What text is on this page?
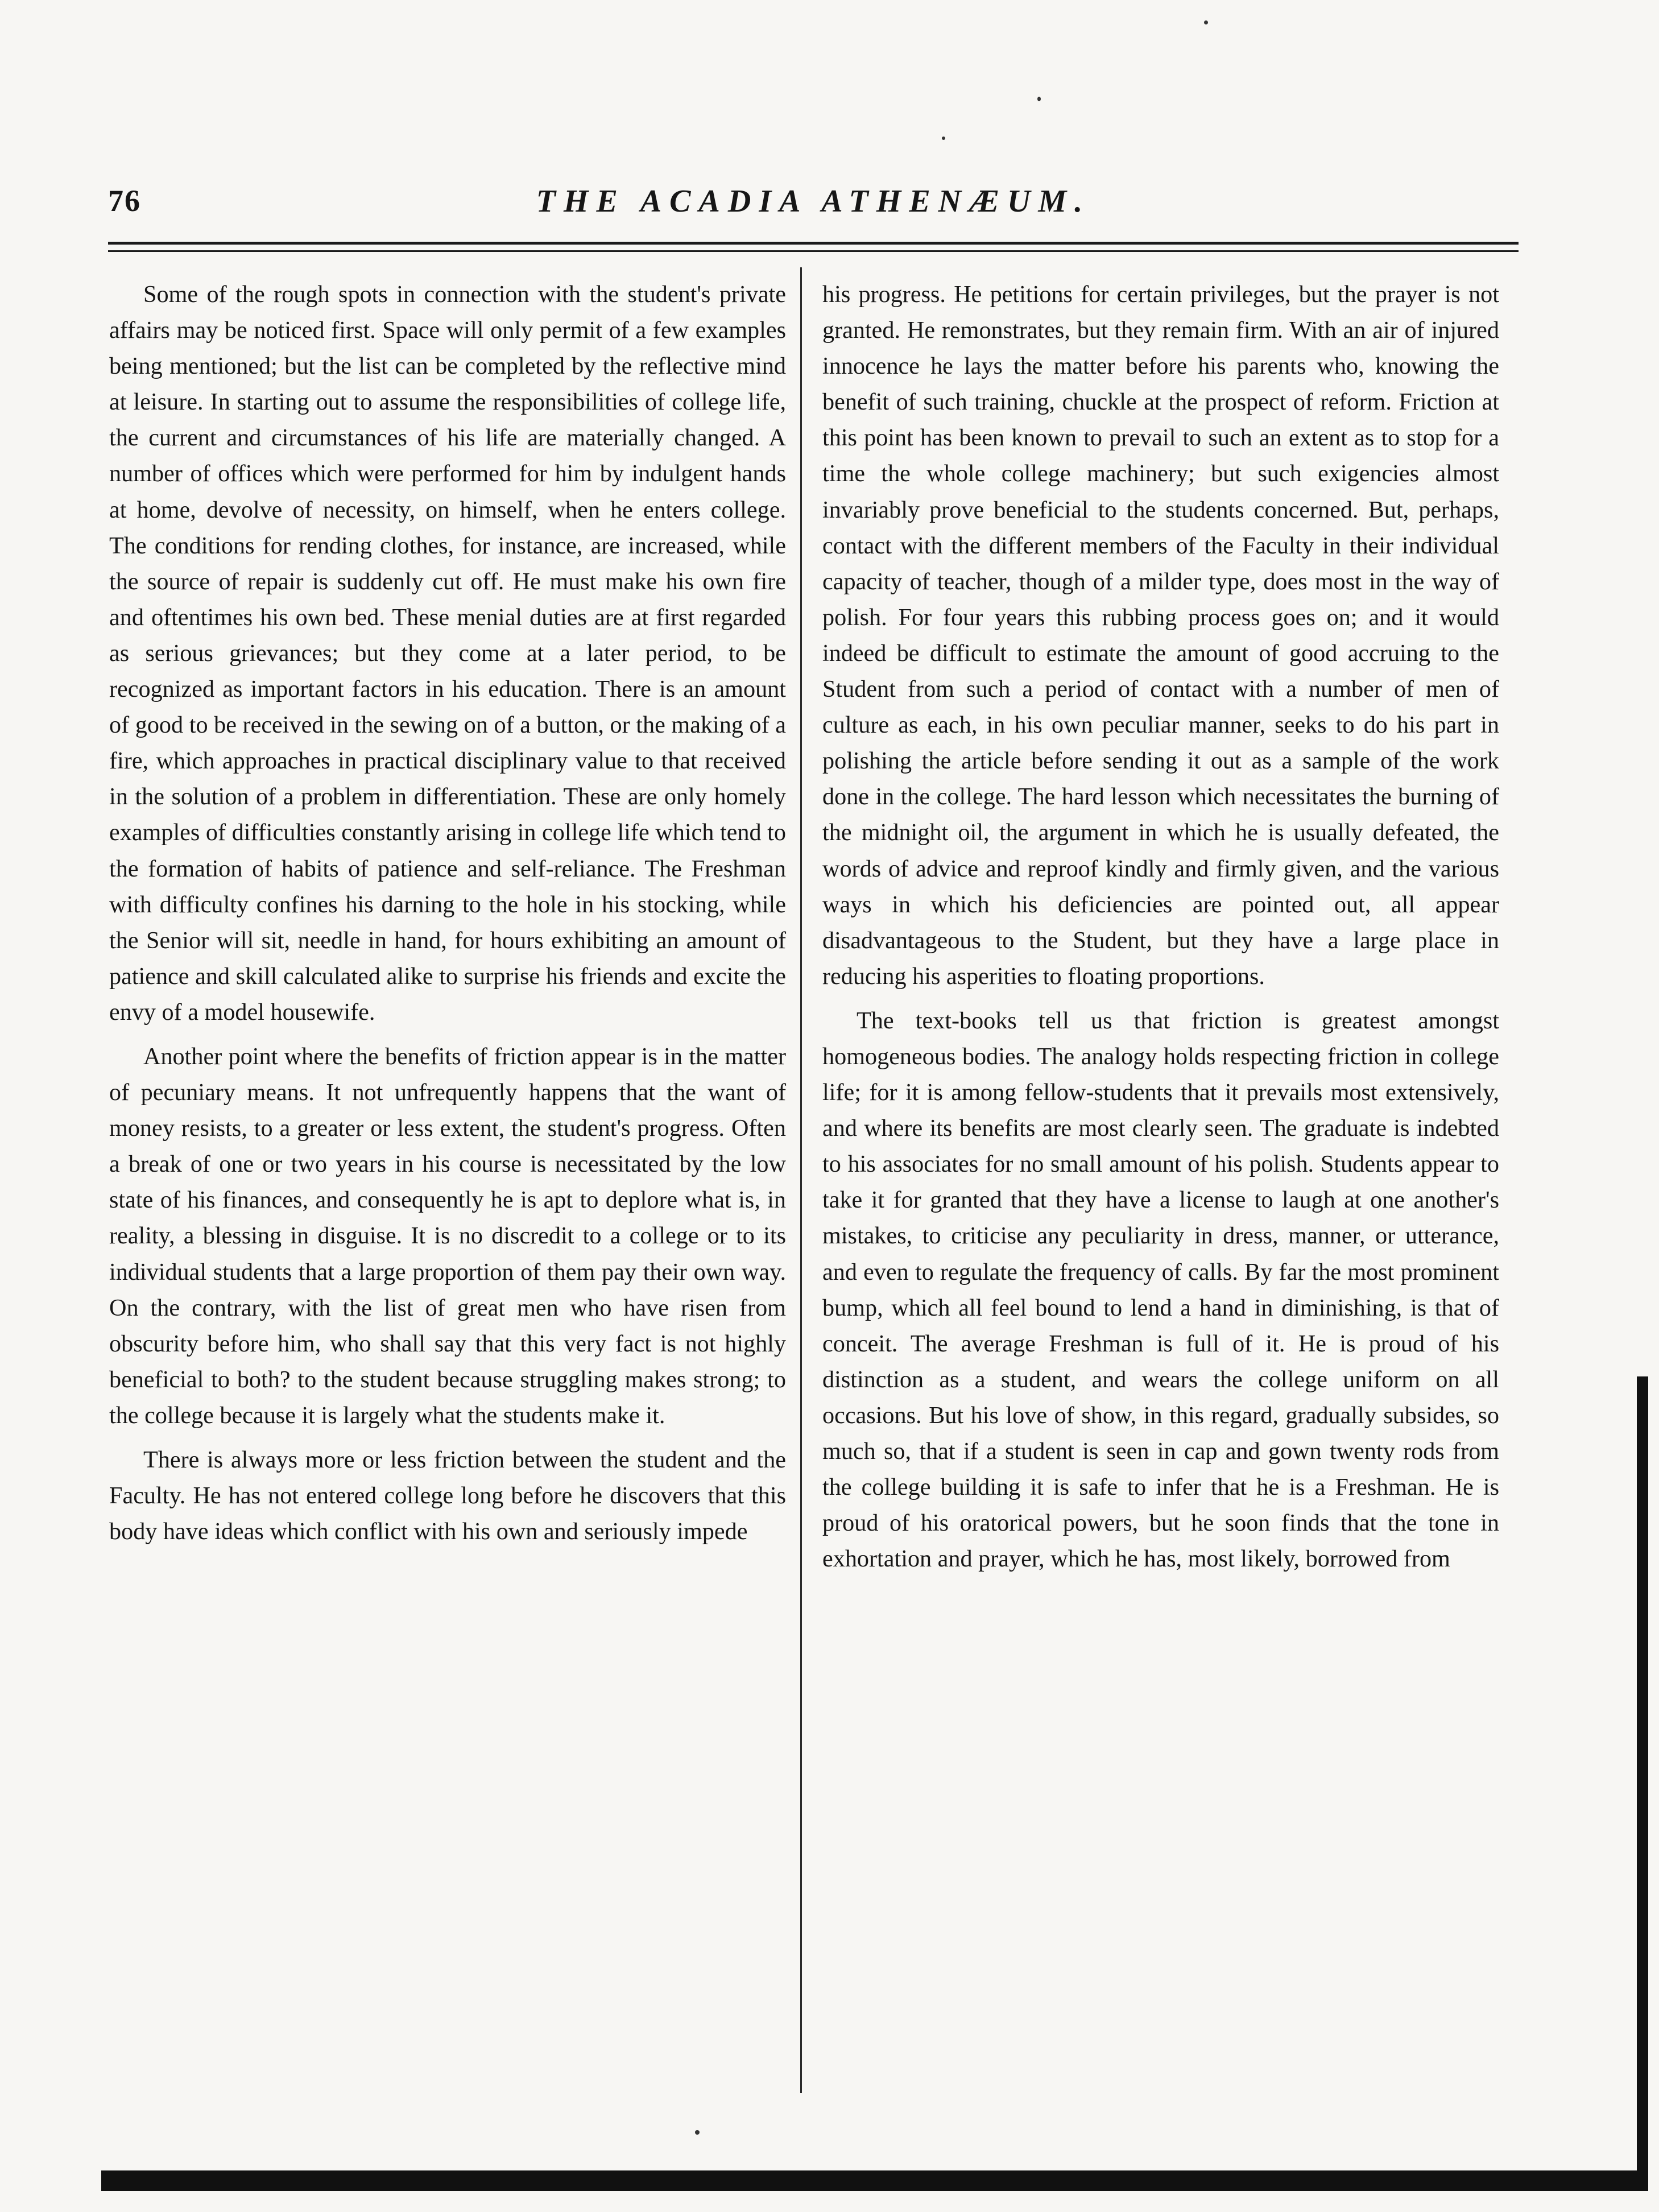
76	THE ACADIA ATHENÆUM.

Some of the rough spots in connection with the student's private affairs may be noticed first. Space will only permit of a few examples being mentioned; but the list can be completed by the reflective mind at leisure. In starting out to assume the responsibilities of college life, the current and circumstances of his life are materially changed. A number of offices which were performed for him by indulgent hands at home, devolve of necessity, on himself, when he enters college. The conditions for rending clothes, for instance, are increased, while the source of repair is suddenly cut off. He must make his own fire and oftentimes his own bed. These menial duties are at first regarded as serious grievances; but they come at a later period, to be recognized as important factors in his education. There is an amount of good to be received in the sewing on of a button, or the making of a fire, which approaches in practical disciplinary value to that received in the solution of a problem in differentiation. These are only homely examples of difficulties constantly arising in college life which tend to the formation of habits of patience and self-reliance. The Freshman with difficulty confines his darning to the hole in his stocking, while the Senior will sit, needle in hand, for hours exhibiting an amount of patience and skill calculated alike to surprise his friends and excite the envy of a model housewife.

Another point where the benefits of friction appear is in the matter of pecuniary means. It not unfrequently happens that the want of money resists, to a greater or less extent, the student's progress. Often a break of one or two years in his course is necessitated by the low state of his finances, and consequently he is apt to deplore what is, in reality, a blessing in disguise. It is no discredit to a college or to its individual students that a large proportion of them pay their own way. On the contrary, with the list of great men who have risen from obscurity before him, who shall say that this very fact is not highly beneficial to both? to the student because struggling makes strong; to the college because it is largely what the students make it.

There is always more or less friction between the student and the Faculty. He has not entered college long before he discovers that this body have ideas which conflict with his own and seriously impede

his progress. He petitions for certain privileges, but the prayer is not granted. He remonstrates, but they remain firm. With an air of injured innocence he lays the matter before his parents who, knowing the benefit of such training, chuckle at the prospect of reform. Friction at this point has been known to prevail to such an extent as to stop for a time the whole college machinery; but such exigencies almost invariably prove beneficial to the students concerned. But, perhaps, contact with the different members of the Faculty in their individual capacity of teacher, though of a milder type, does most in the way of polish. For four years this rubbing process goes on; and it would indeed be difficult to estimate the amount of good accruing to the Student from such a period of contact with a number of men of culture as each, in his own peculiar manner, seeks to do his part in polishing the article before sending it out as a sample of the work done in the college. The hard lesson which necessitates the burning of the midnight oil, the argument in which he is usually defeated, the words of advice and reproof kindly and firmly given, and the various ways in which his deficiencies are pointed out, all appear disadvantageous to the Student, but they have a large place in reducing his asperities to floating proportions.

The text-books tell us that friction is greatest amongst homogeneous bodies. The analogy holds respecting friction in college life; for it is among fellow-students that it prevails most extensively, and where its benefits are most clearly seen. The graduate is indebted to his associates for no small amount of his polish. Students appear to take it for granted that they have a license to laugh at one another's mistakes, to criticise any peculiarity in dress, manner, or utterance, and even to regulate the frequency of calls. By far the most prominent bump, which all feel bound to lend a hand in diminishing, is that of conceit. The average Freshman is full of it. He is proud of his distinction as a student, and wears the college uniform on all occasions. But his love of show, in this regard, gradually subsides, so much so, that if a student is seen in cap and gown twenty rods from the college building it is safe to infer that he is a Freshman. He is proud of his oratorical powers, but he soon finds that the tone in exhortation and prayer, which he has, most likely, borrowed from
